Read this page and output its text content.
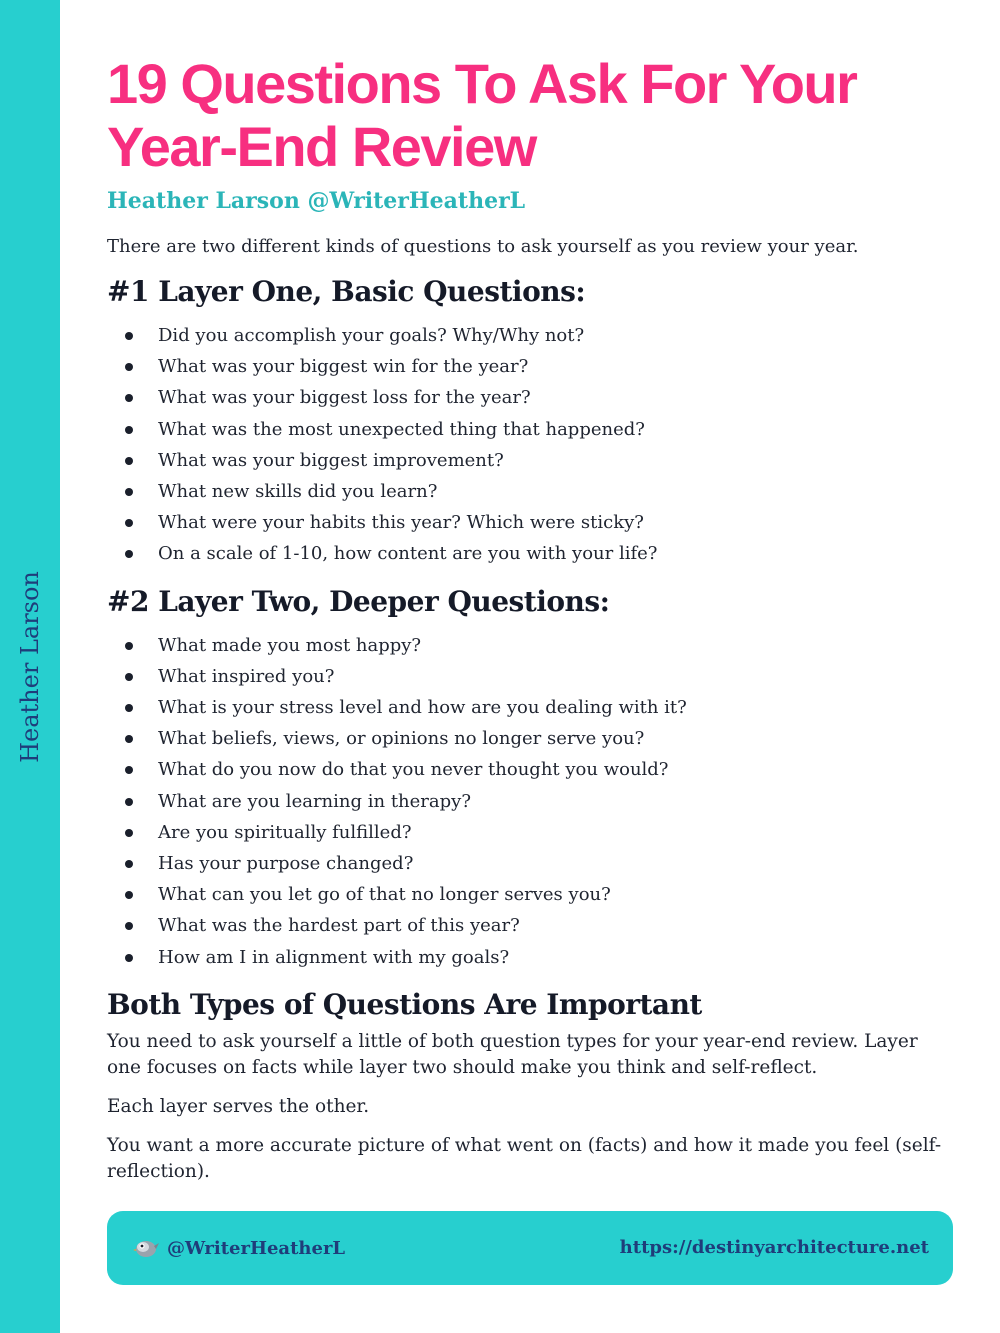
Heather Larson
19 Questions To Ask For Your Year-End Review
Heather Larson @WriterHeatherL

There are two different kinds of questions to ask yourself as you review your year.

#1 Layer One, Basic Questions:
Did you accomplish your goals? Why/Why not?
What was your biggest win for the year?
What was your biggest loss for the year?
What was the most unexpected thing that happened?
What was your biggest improvement?
What new skills did you learn?
What were your habits this year? Which were sticky?
On a scale of 1-10, how content are you with your life?
#2 Layer Two, Deeper Questions:
What made you most happy?
What inspired you?
What is your stress level and how are you dealing with it?
What beliefs, views, or opinions no longer serve you?
What do you now do that you never thought you would?
What are you learning in therapy?
Are you spiritually fulfilled?
Has your purpose changed?
What can you let go of that no longer serves you?
What was the hardest part of this year?
How am I in alignment with my goals?
Both Types of Questions Are Important

You need to ask yourself a little of both question types for your year-end review. Layer one focuses on facts while layer two should make you think and self-reflect.

Each layer serves the other.

You want a more accurate picture of what went on (facts) and how it made you feel (self-reflection).

@WriterHeatherL	https://destinyarchitecture.net
